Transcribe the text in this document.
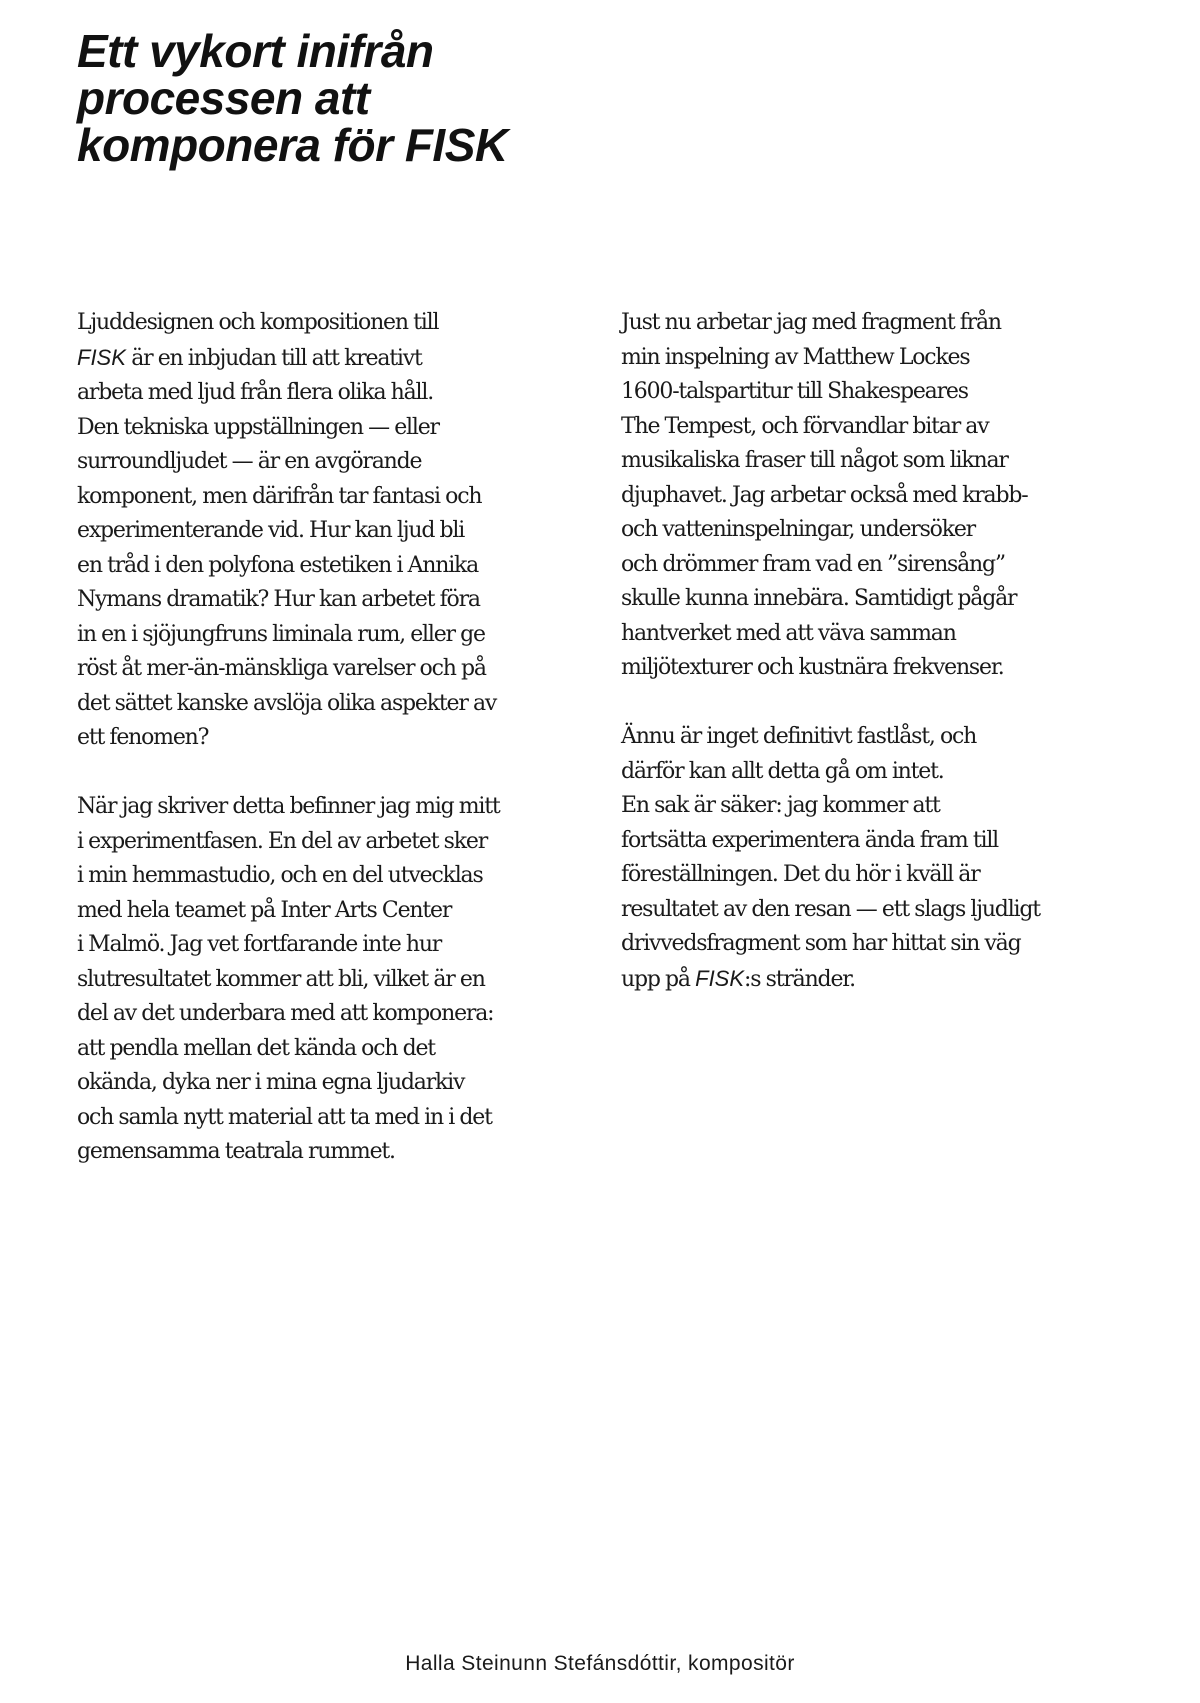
Ett vykort inifrån
processen att
komponera för FISK

Ljuddesignen och kompositionen till
FISK är en inbjudan till att kreativt
arbeta med ljud från flera olika håll.
Den tekniska uppställningen — eller
surroundljudet — är en avgörande
komponent, men därifrån tar fantasi och
experimenterande vid. Hur kan ljud bli
en tråd i den polyfona estetiken i Annika
Nymans dramatik? Hur kan arbetet föra
in en i sjöjungfruns liminala rum, eller ge
röst åt mer-än-mänskliga varelser och på
det sättet kanske avslöja olika aspekter av
ett fenomen?

När jag skriver detta befinner jag mig mitt
i experimentfasen. En del av arbetet sker
i min hemmastudio, och en del utvecklas
med hela teamet på Inter Arts Center
i Malmö. Jag vet fortfarande inte hur
slutresultatet kommer att bli, vilket är en
del av det underbara med att komponera:
att pendla mellan det kända och det
okända, dyka ner i mina egna ljudarkiv
och samla nytt material att ta med in i det
gemensamma teatrala rummet.

Just nu arbetar jag med fragment från
min inspelning av Matthew Lockes
1600-talspartitur till Shakespeares
The Tempest, och förvandlar bitar av
musikaliska fraser till något som liknar
djuphavet. Jag arbetar också med krabb-
och vatteninspelningar, undersöker
och drömmer fram vad en ”sirensång”
skulle kunna innebära. Samtidigt pågår
hantverket med att väva samman
miljötexturer och kustnära frekvenser.

Ännu är inget definitivt fastlåst, och
därför kan allt detta gå om intet.
En sak är säker: jag kommer att
fortsätta experimentera ända fram till
föreställningen. Det du hör i kväll är
resultatet av den resan — ett slags ljudligt
drivvedsfragment som har hittat sin väg
upp på FISK:s stränder.

Halla Steinunn Stefánsdóttir, kompositör
